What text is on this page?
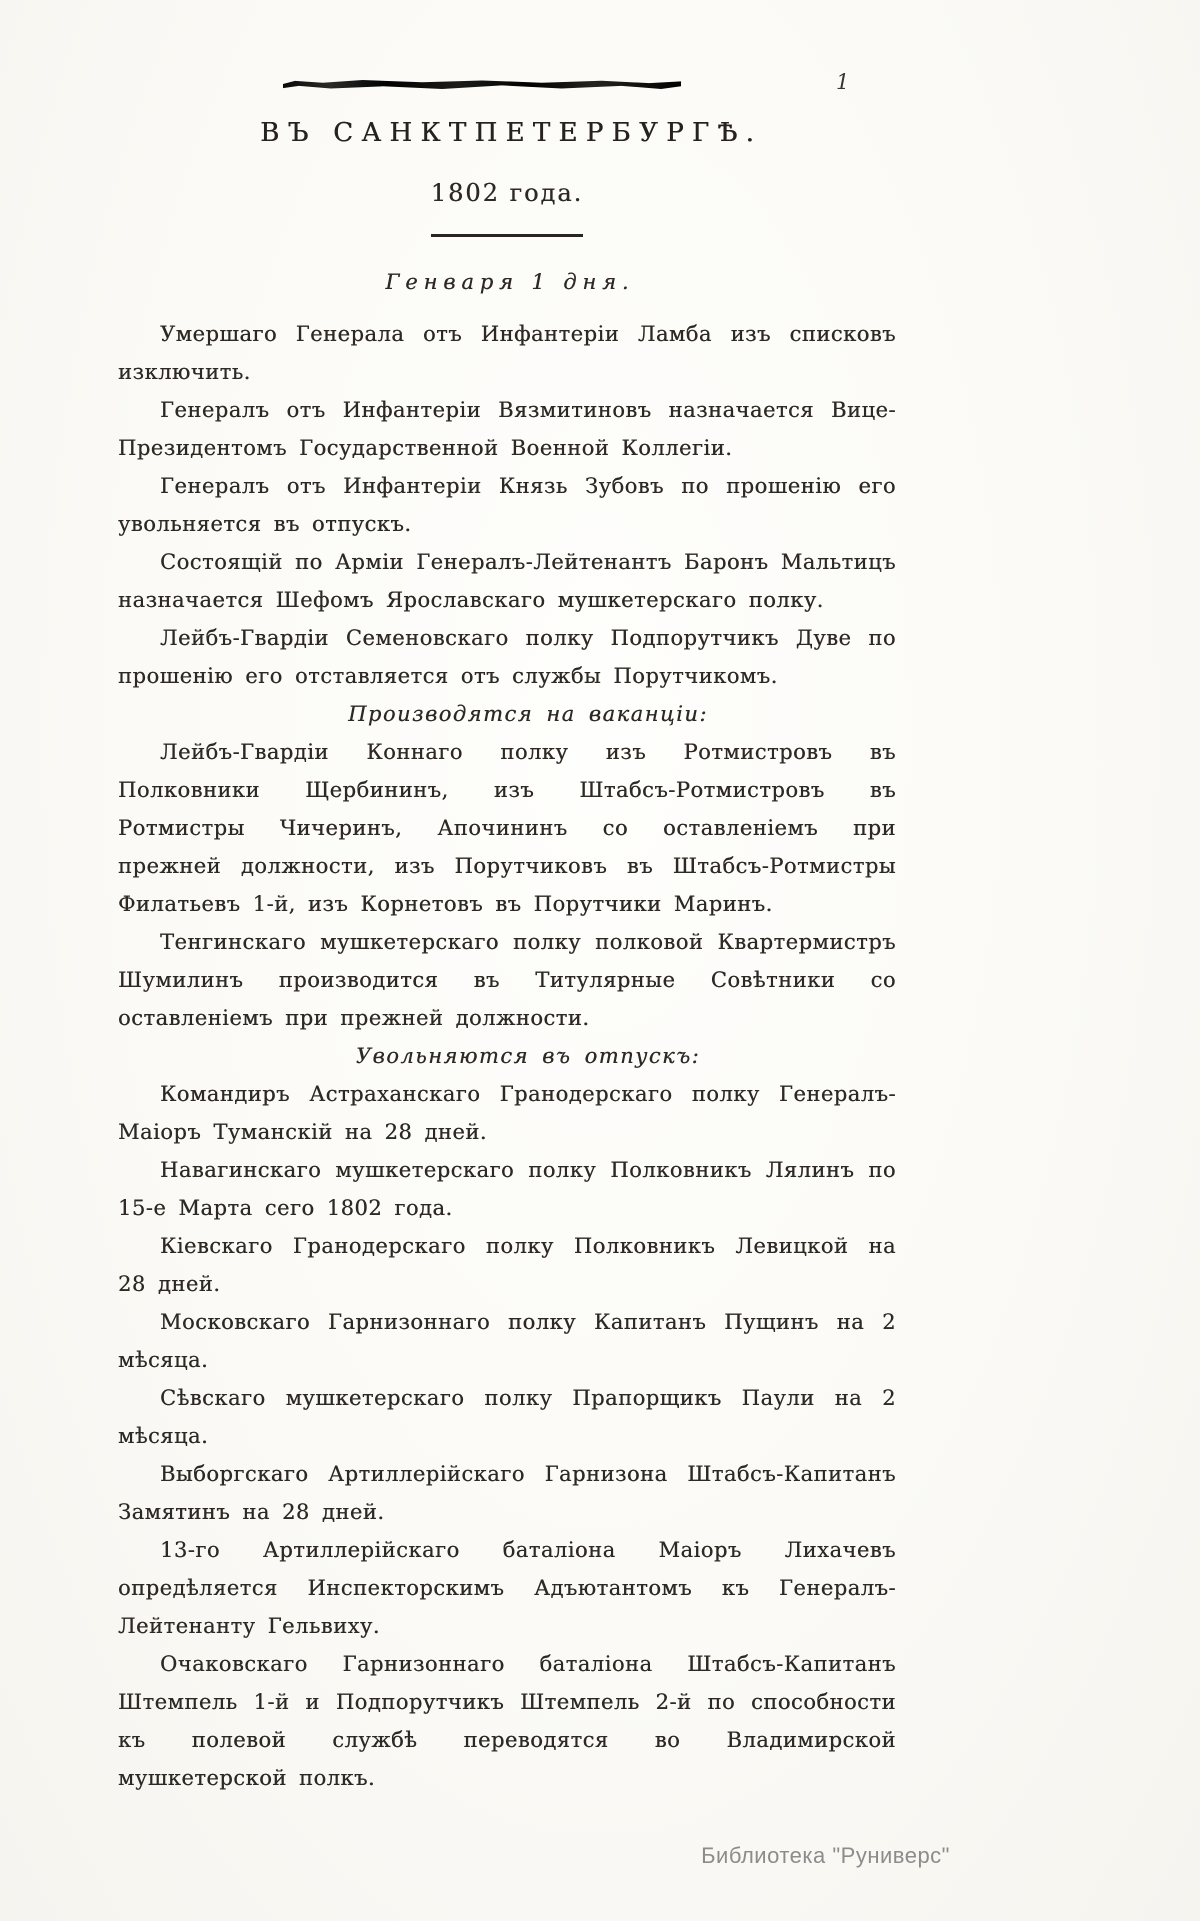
1
ВЪ САНКТПЕТЕРБУРГѢ.
1802 года.
Генваря 1 дня.

Умершаго Генерала отъ Инфантеріи Ламба изъ списковъ изключить.

Генералъ отъ Инфантеріи Вязмитиновъ назначается Вице-Президентомъ Государственной Военной Коллегіи.

Генералъ отъ Инфантеріи Князь Зубовъ по прошенію его увольняется въ отпускъ.

Состоящій по Арміи Генералъ-Лейтенантъ Баронъ Мальтицъ назначается Шефомъ Ярославскаго мушкетерскаго полку.

Лейбъ-Гвардіи Семеновскаго полку Подпорутчикъ Дуве по прошенію его отставляется отъ службы Порутчикомъ.

Производятся на ваканціи:

Лейбъ-Гвардіи Коннаго полку изъ Ротмистровъ въ Полковники Щербининъ, изъ Штабсъ-Ротмистровъ въ Ротмистры Чичеринъ, Апочининъ со оставленіемъ при прежней должности, изъ Порутчиковъ въ Штабсъ-Ротмистры Филатьевъ 1-й, изъ Корнетовъ въ Порутчики Маринъ.

Тенгинскаго мушкетерскаго полку полковой Квартермистръ Шумилинъ производится въ Титулярные Совѣтники со оставленіемъ при прежней должности.

Увольняются въ отпускъ:

Командиръ Астраханскаго Гранодерскаго полку Генералъ-Маіоръ Туманскій на 28 дней.

Навагинскаго мушкетерскаго полку Полковникъ Лялинъ по 15-е Марта сего 1802 года.

Кіевскаго Гранодерскаго полку Полковникъ Левицкой на 28 дней.

Московскаго Гарнизоннаго полку Капитанъ Пущинъ на 2 мѣсяца.

Сѣвскаго мушкетерскаго полку Прапорщикъ Паули на 2 мѣсяца.

Выборгскаго Артиллерійскаго Гарнизона Штабсъ-Капитанъ Замятинъ на 28 дней.

13-го Артиллерійскаго баталіона Маіоръ Лихачевъ опредѣляется Инспекторскимъ Адъютантомъ къ Генералъ-Лейтенанту Гельвиху.

Очаковскаго Гарнизоннаго баталіона Штабсъ-Капитанъ Штемпель 1-й и Подпорутчикъ Штемпель 2-й по способности къ полевой службѣ переводятся во Владимирской мушкетерской полкъ.

Библиотека "Руниверс"
